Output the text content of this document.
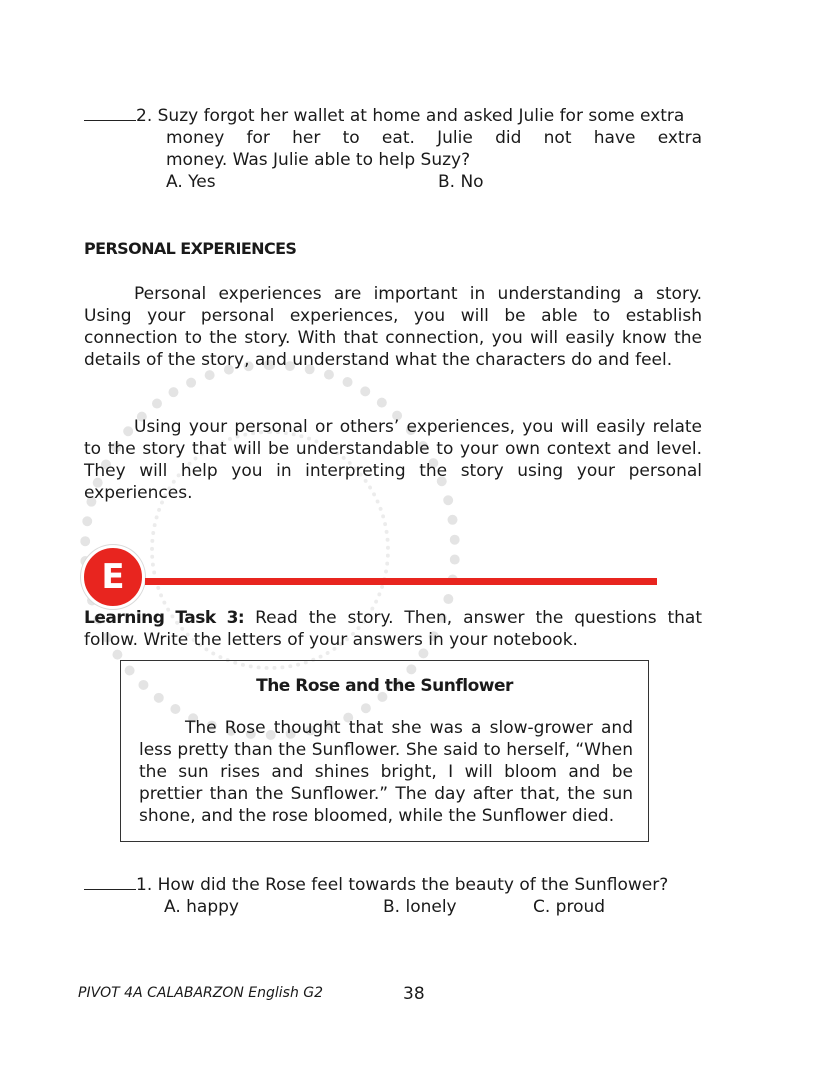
2. Suzy forgot her wallet at home and asked Julie for some extra
money for her to eat. Julie did not have extra
money. Was Julie able to help Suzy?
A. Yes	B. No
PERSONAL EXPERIENCES
Personal experiences are important in understanding a story. Using your personal experiences, you will be able to establish connection to the story. With that connection, you will easily know the details of the story, and understand what the characters do and feel.
Using your personal or others’ experiences, you will easily relate to the story that will be understandable to your own context and level. They will help you in interpreting the story using your personal experiences.
E
Learning Task 3: Read the story. Then, answer the questions that follow. Write the letters of your answers in your notebook.
The Rose and the Sunflower
The Rose thought that she was a slow-grower and less pretty than the Sunflower. She said to herself, “When the sun rises and shines bright, I will bloom and be prettier than the Sunflower.” The day after that, the sun shone, and the rose bloomed, while the Sunflower died.
1. How did the Rose feel towards the beauty of the Sunflower?
A. happy	B. lonely	C. proud
PIVOT 4A CALABARZON English G2	38
